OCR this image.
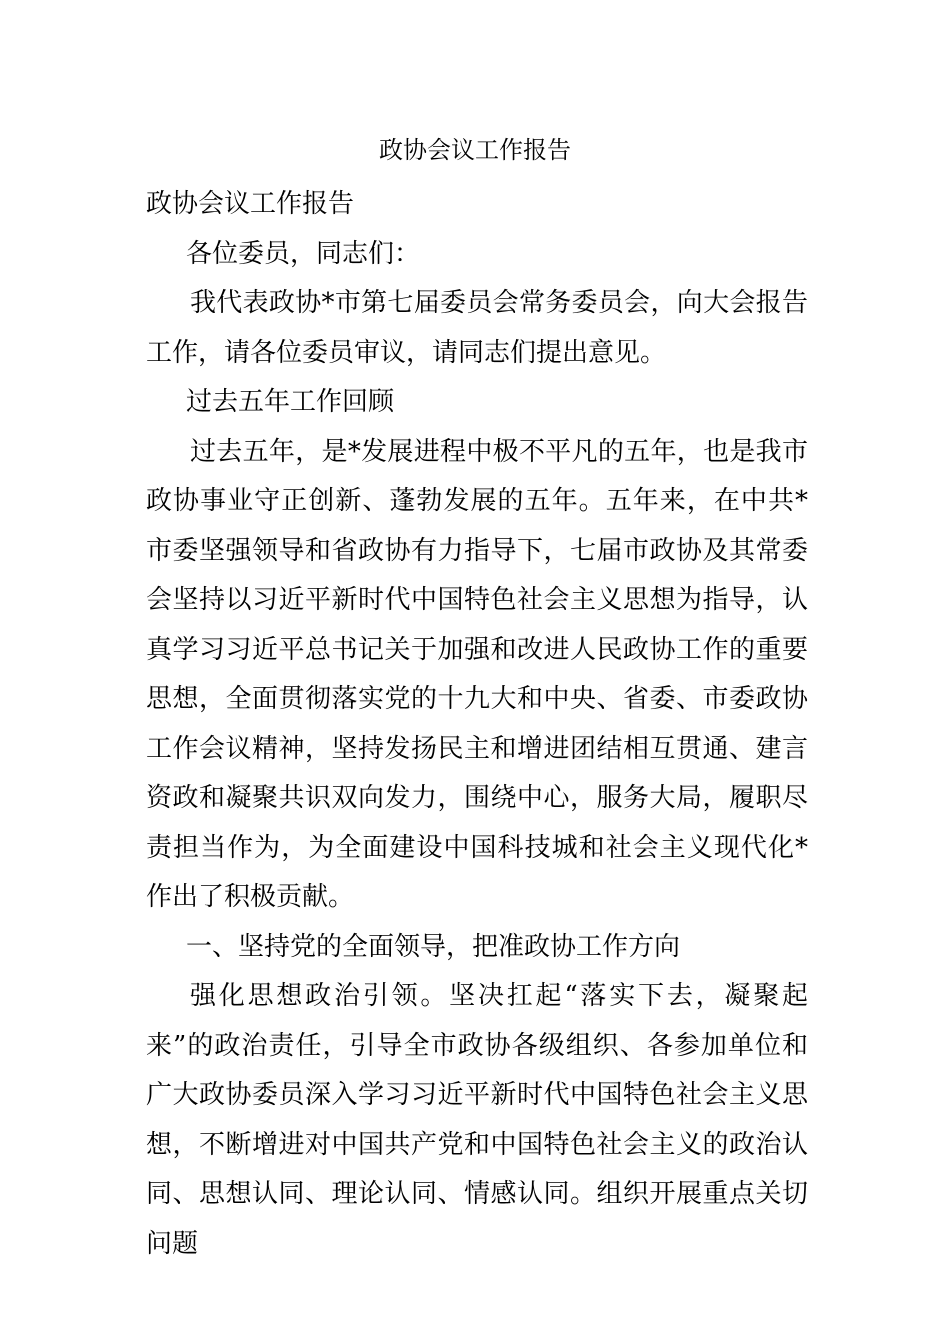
政协会议工作报告

政协会议工作报告

各位委员，同志们：

我代表政协*市第七届委员会常务委员会，向大会报告工作，请各位委员审议，请同志们提出意见。

过去五年工作回顾

过去五年，是*发展进程中极不平凡的五年，也是我市政协事业守正创新、蓬勃发展的五年。五年来，在中共*市委坚强领导和省政协有力指导下，七届市政协及其常委会坚持以习近平新时代中国特色社会主义思想为指导，认真学习习近平总书记关于加强和改进人民政协工作的重要思想，全面贯彻落实党的十九大和中央、省委、市委政协工作会议精神，坚持发扬民主和增进团结相互贯通、建言资政和凝聚共识双向发力，围绕中心，服务大局，履职尽责担当作为，为全面建设中国科技城和社会主义现代化*作出了积极贡献。

一、坚持党的全面领导，把准政协工作方向

强化思想政治引领。坚决扛起“落实下去，凝聚起来”的政治责任，引导全市政协各级组织、各参加单位和广大政协委员深入学习习近平新时代中国特色社会主义思想，不断增进对中国共产党和中国特色社会主义的政治认同、思想认同、理论认同、情感认同。组织开展重点关切问题
